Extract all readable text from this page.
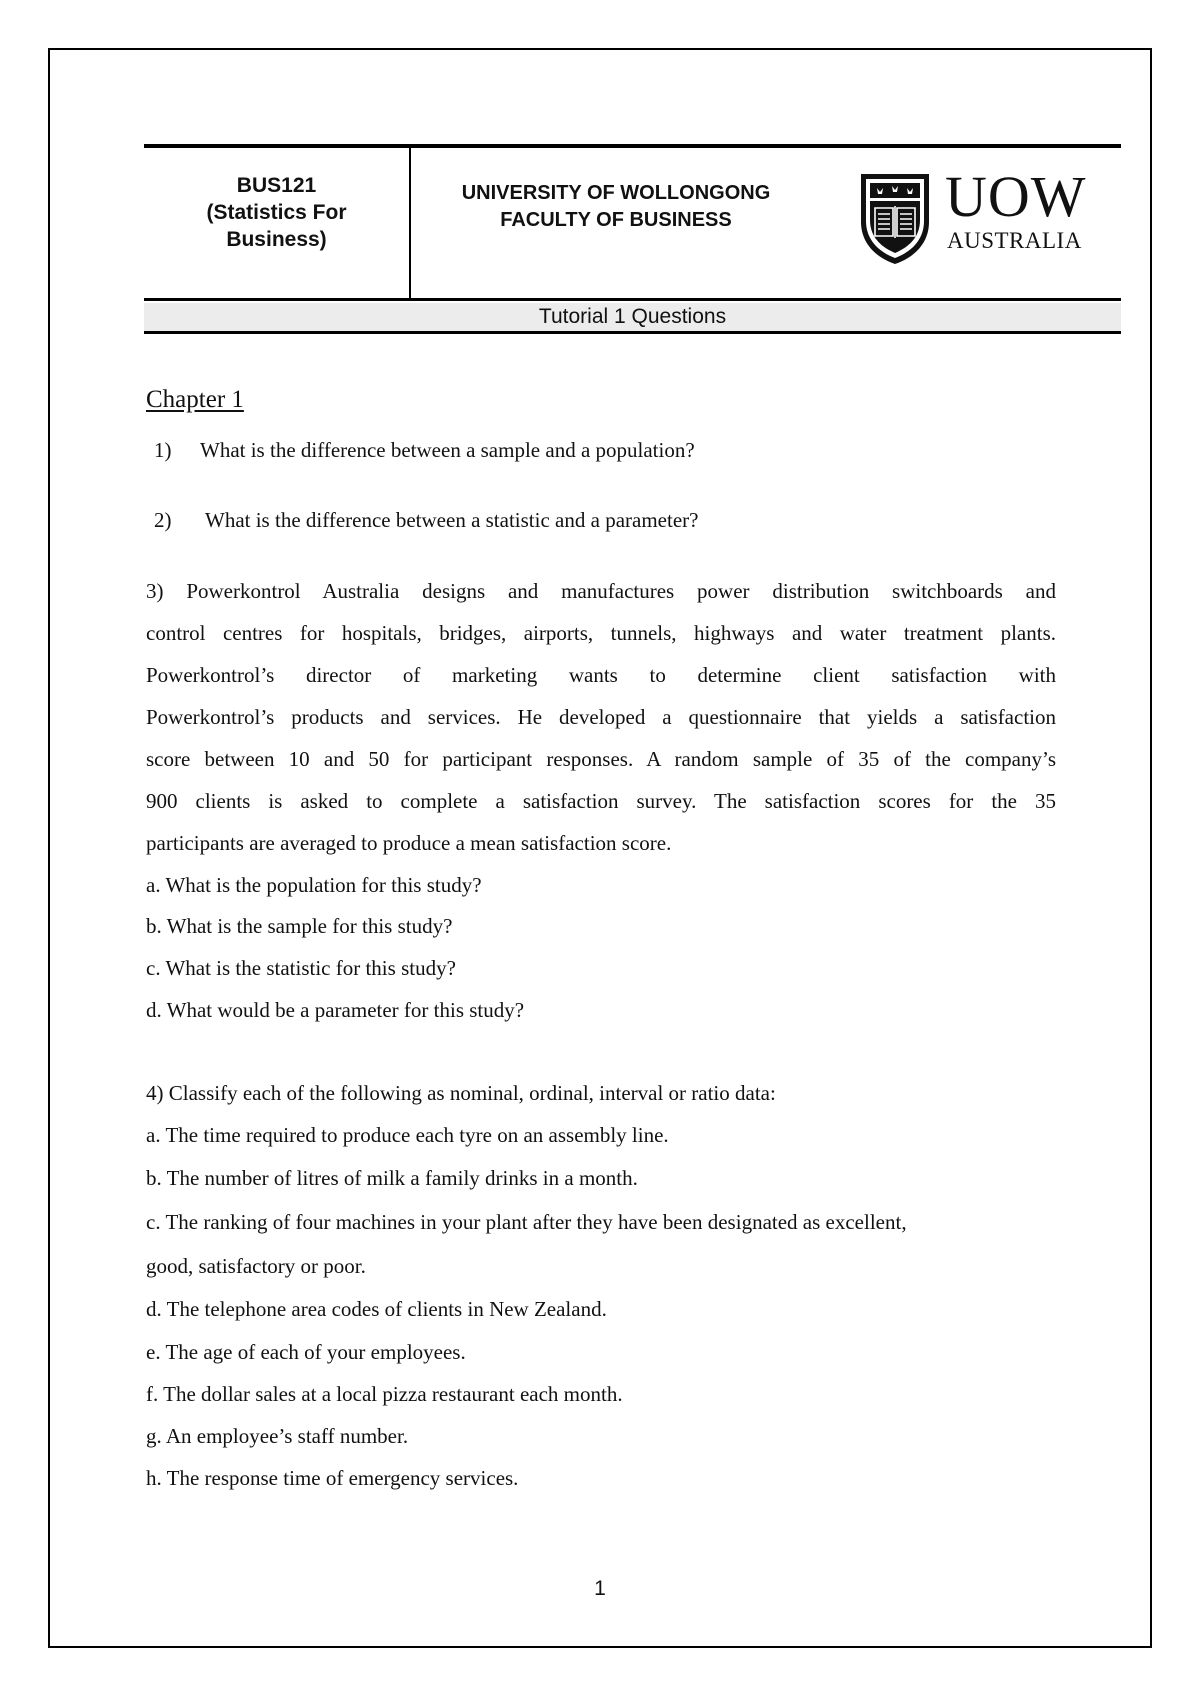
BUS121
(Statistics For
Business)
UNIVERSITY OF WOLLONGONG
FACULTY OF BUSINESS	UOW
AUSTRALIA
Tutorial 1 Questions
Chapter 1
1) What is the difference between a sample and a population?
2) What is the difference between a statistic and a parameter?
3) Powerkontrol Australia designs and manufactures power distribution switchboards and
control centres for hospitals, bridges, airports, tunnels, highways and water treatment plants.
Powerkontrol’s director of marketing wants to determine client satisfaction with
Powerkontrol’s products and services. He developed a questionnaire that yields a satisfaction
score between 10 and 50 for participant responses. A random sample of 35 of the company’s
900 clients is asked to complete a satisfaction survey. The satisfaction scores for the 35
participants are averaged to produce a mean satisfaction score.
a. What is the population for this study?
b. What is the sample for this study?
c. What is the statistic for this study?
d. What would be a parameter for this study?
4) Classify each of the following as nominal, ordinal, interval or ratio data:
a. The time required to produce each tyre on an assembly line.
b. The number of litres of milk a family drinks in a month.
c. The ranking of four machines in your plant after they have been designated as excellent,
good, satisfactory or poor.
d. The telephone area codes of clients in New Zealand.
e. The age of each of your employees.
f. The dollar sales at a local pizza restaurant each month.
g. An employee’s staff number.
h. The response time of emergency services.
1
